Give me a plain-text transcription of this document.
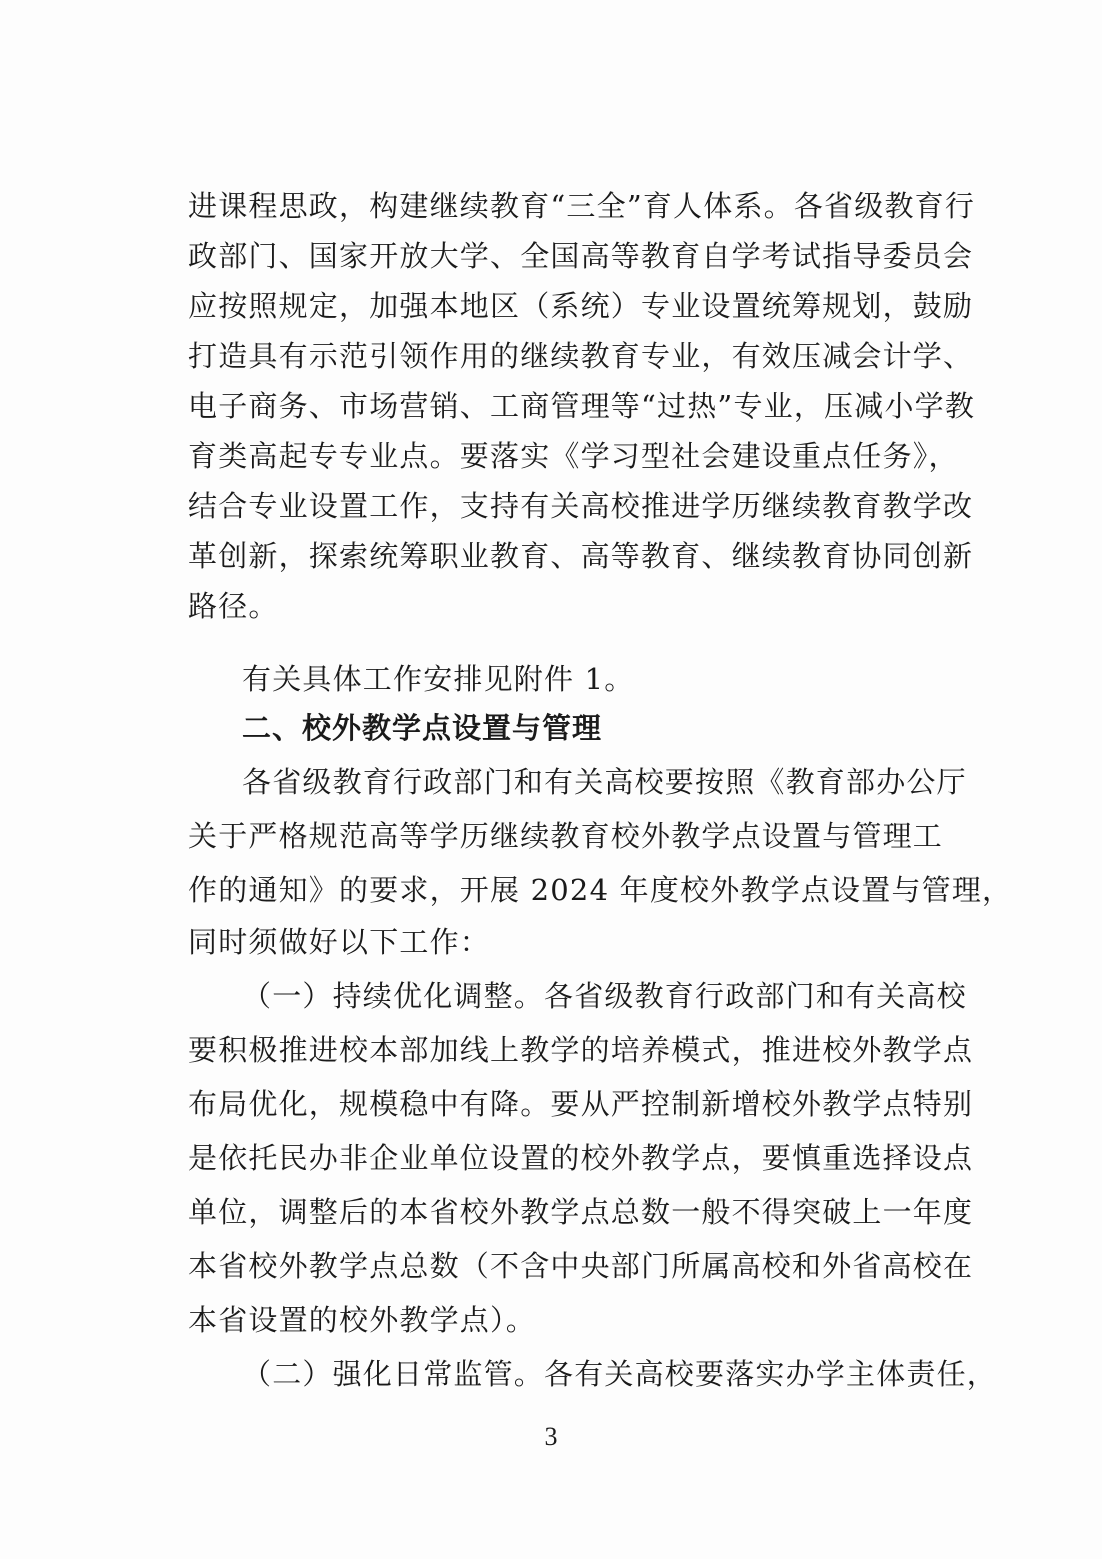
进课程思政，构建继续教育“三全”育人体系。各省级教育行
政部门、国家开放大学、全国高等教育自学考试指导委员会
应按照规定，加强本地区（系统）专业设置统筹规划，鼓励
打造具有示范引领作用的继续教育专业，有效压减会计学、
电子商务、市场营销、工商管理等“过热”专业，压减小学教
育类高起专专业点。要落实《学习型社会建设重点任务》，
结合专业设置工作，支持有关高校推进学历继续教育教学改
革创新，探索统筹职业教育、高等教育、继续教育协同创新
路径。
有关具体工作安排见附件 1。
二、校外教学点设置与管理
各省级教育行政部门和有关高校要按照《教育部办公厅
关于严格规范高等学历继续教育校外教学点设置与管理工
作的通知》的要求，开展 2024 年度校外教学点设置与管理，
同时须做好以下工作：
（一）持续优化调整。各省级教育行政部门和有关高校
要积极推进校本部加线上教学的培养模式，推进校外教学点
布局优化，规模稳中有降。要从严控制新增校外教学点特别
是依托民办非企业单位设置的校外教学点，要慎重选择设点
单位，调整后的本省校外教学点总数一般不得突破上一年度
本省校外教学点总数（不含中央部门所属高校和外省高校在
本省设置的校外教学点）。
（二）强化日常监管。各有关高校要落实办学主体责任，
3
